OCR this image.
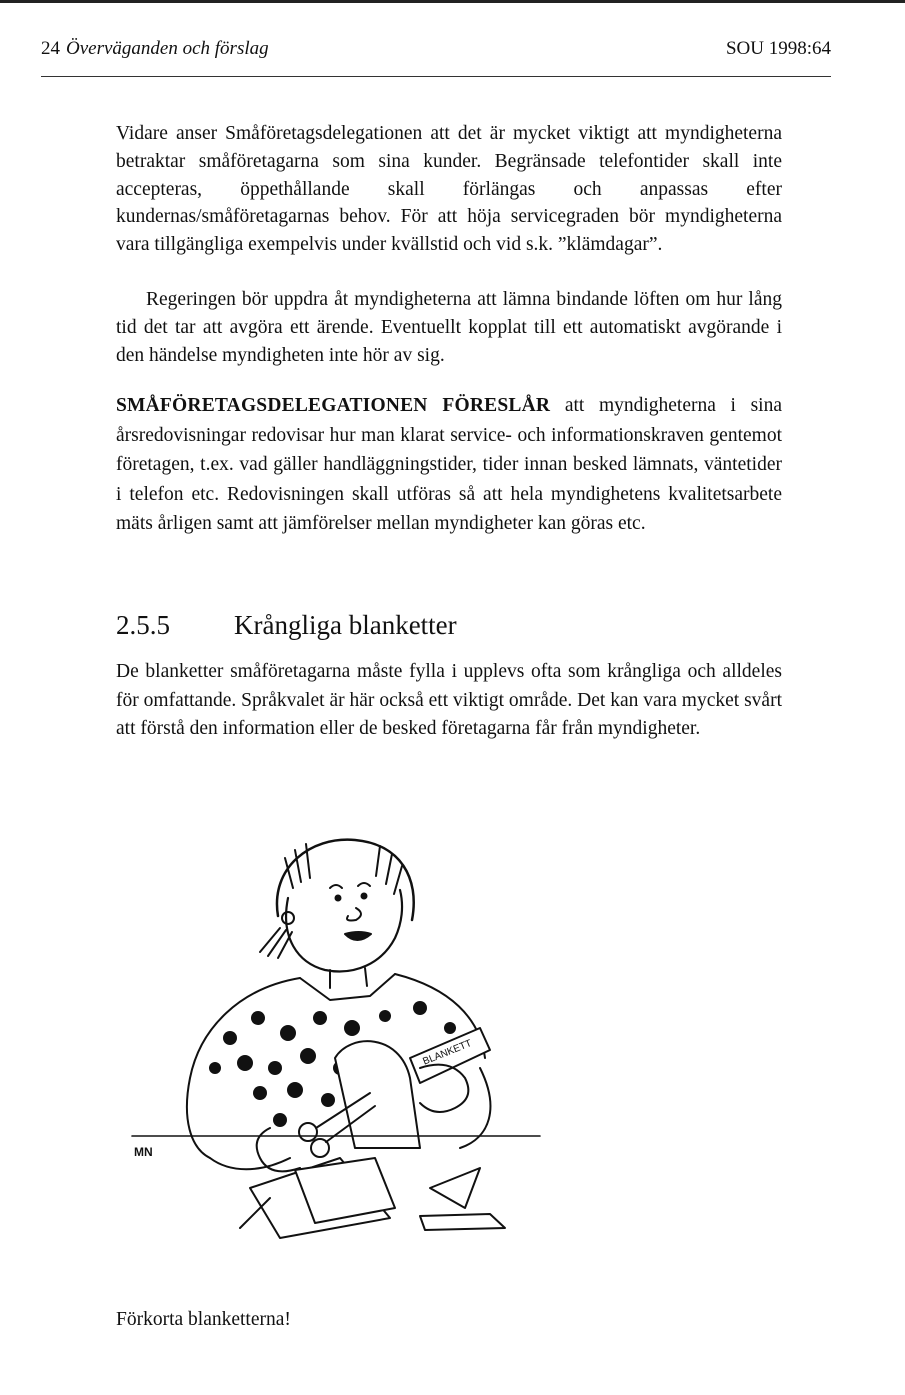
24 Överväganden och förslag	SOU 1998:64

Vidare anser Småföretagsdelegationen att det är mycket viktigt att myndigheterna betraktar småföretagarna som sina kunder. Begränsade telefontider skall inte accepteras, öppethållande skall förlängas och anpassas efter kundernas/småföretagarnas behov. För att höja servicegraden bör myndigheterna vara tillgängliga exempelvis under kvällstid och vid s.k. ”klämdagar”.

Regeringen bör uppdra åt myndigheterna att lämna bindande löften om hur lång tid det tar att avgöra ett ärende. Eventuellt kopplat till ett automatiskt avgörande i den händelse myndigheten inte hör av sig.

SMÅFÖRETAGSDELEGATIONEN FÖRESLÅR att myndigheterna i sina årsredovisningar redovisar hur man klarat service- och informationskraven gentemot företagen, t.ex. vad gäller handläggningstider, tider innan besked lämnats, väntetider i telefon etc. Redovisningen skall utföras så att hela myndighetens kvalitetsarbete mäts årligen samt att jämförelser mellan myndigheter kan göras etc.

2.5.5 Krångliga blanketter

De blanketter småföretagarna måste fylla i upplevs ofta som krångliga och alldeles för omfattande. Språkvalet är här också ett viktigt område. Det kan vara mycket svårt att förstå den information eller de besked företagarna får från myndigheter.

BLANKETT
MN
Förkorta blanketterna!
